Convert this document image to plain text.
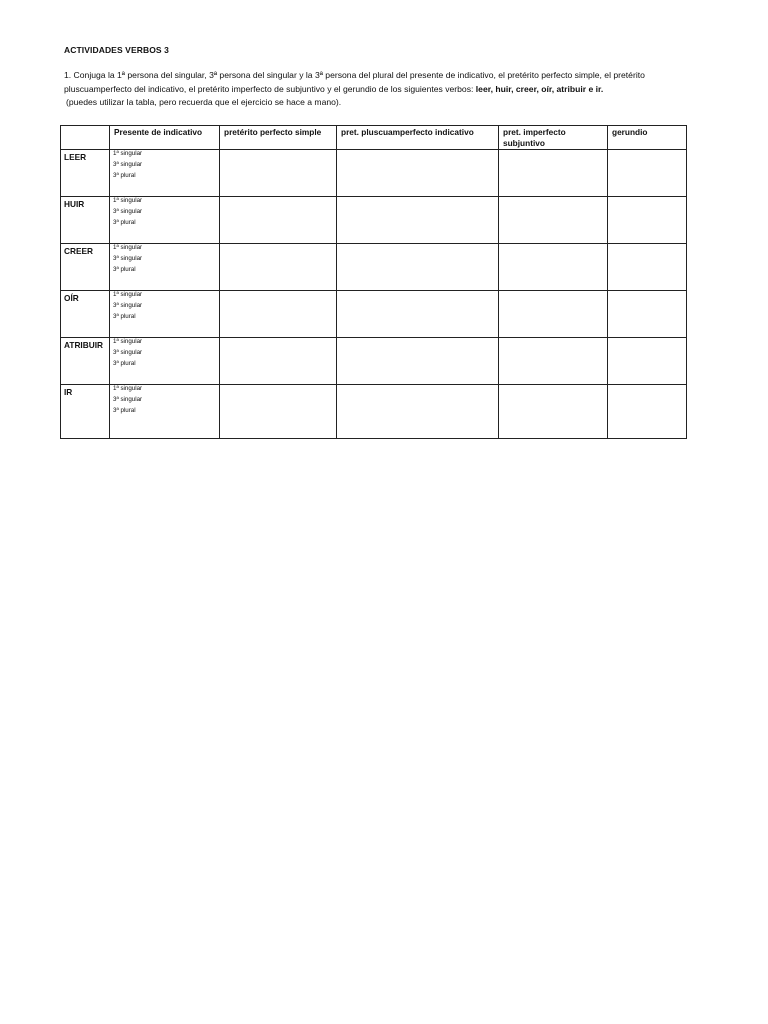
ACTIVIDADES VERBOS 3
1. Conjuga la 1ª persona del singular, 3ª persona del singular y la 3ª persona del plural del presente de indicativo, el pretérito perfecto simple, el pretérito
pluscuamperfecto del indicativo, el pretérito imperfecto de subjuntivo y el gerundio de los siguientes verbos: leer, huir, creer, oír, atribuir e ir.
(puedes utilizar la tabla, pero recuerda que el ejercicio se hace a mano).
	Presente de indicativo	pretérito perfecto simple	pret. pluscuamperfecto indicativo	pret. imperfecto subjuntivo	gerundio
LEER	1ª singular
3ª singular
3ª plural				

HUIR	1ª singular
3ª singular
3ª plural				

CREER	1ª singular
3ª singular
3ª plural				

OÍR	1ª singular
3ª singular
3ª plural				

ATRIBUIR	1ª singular
3ª singular
3ª plural				

IR	1ª singular
3ª singular
3ª plural				
